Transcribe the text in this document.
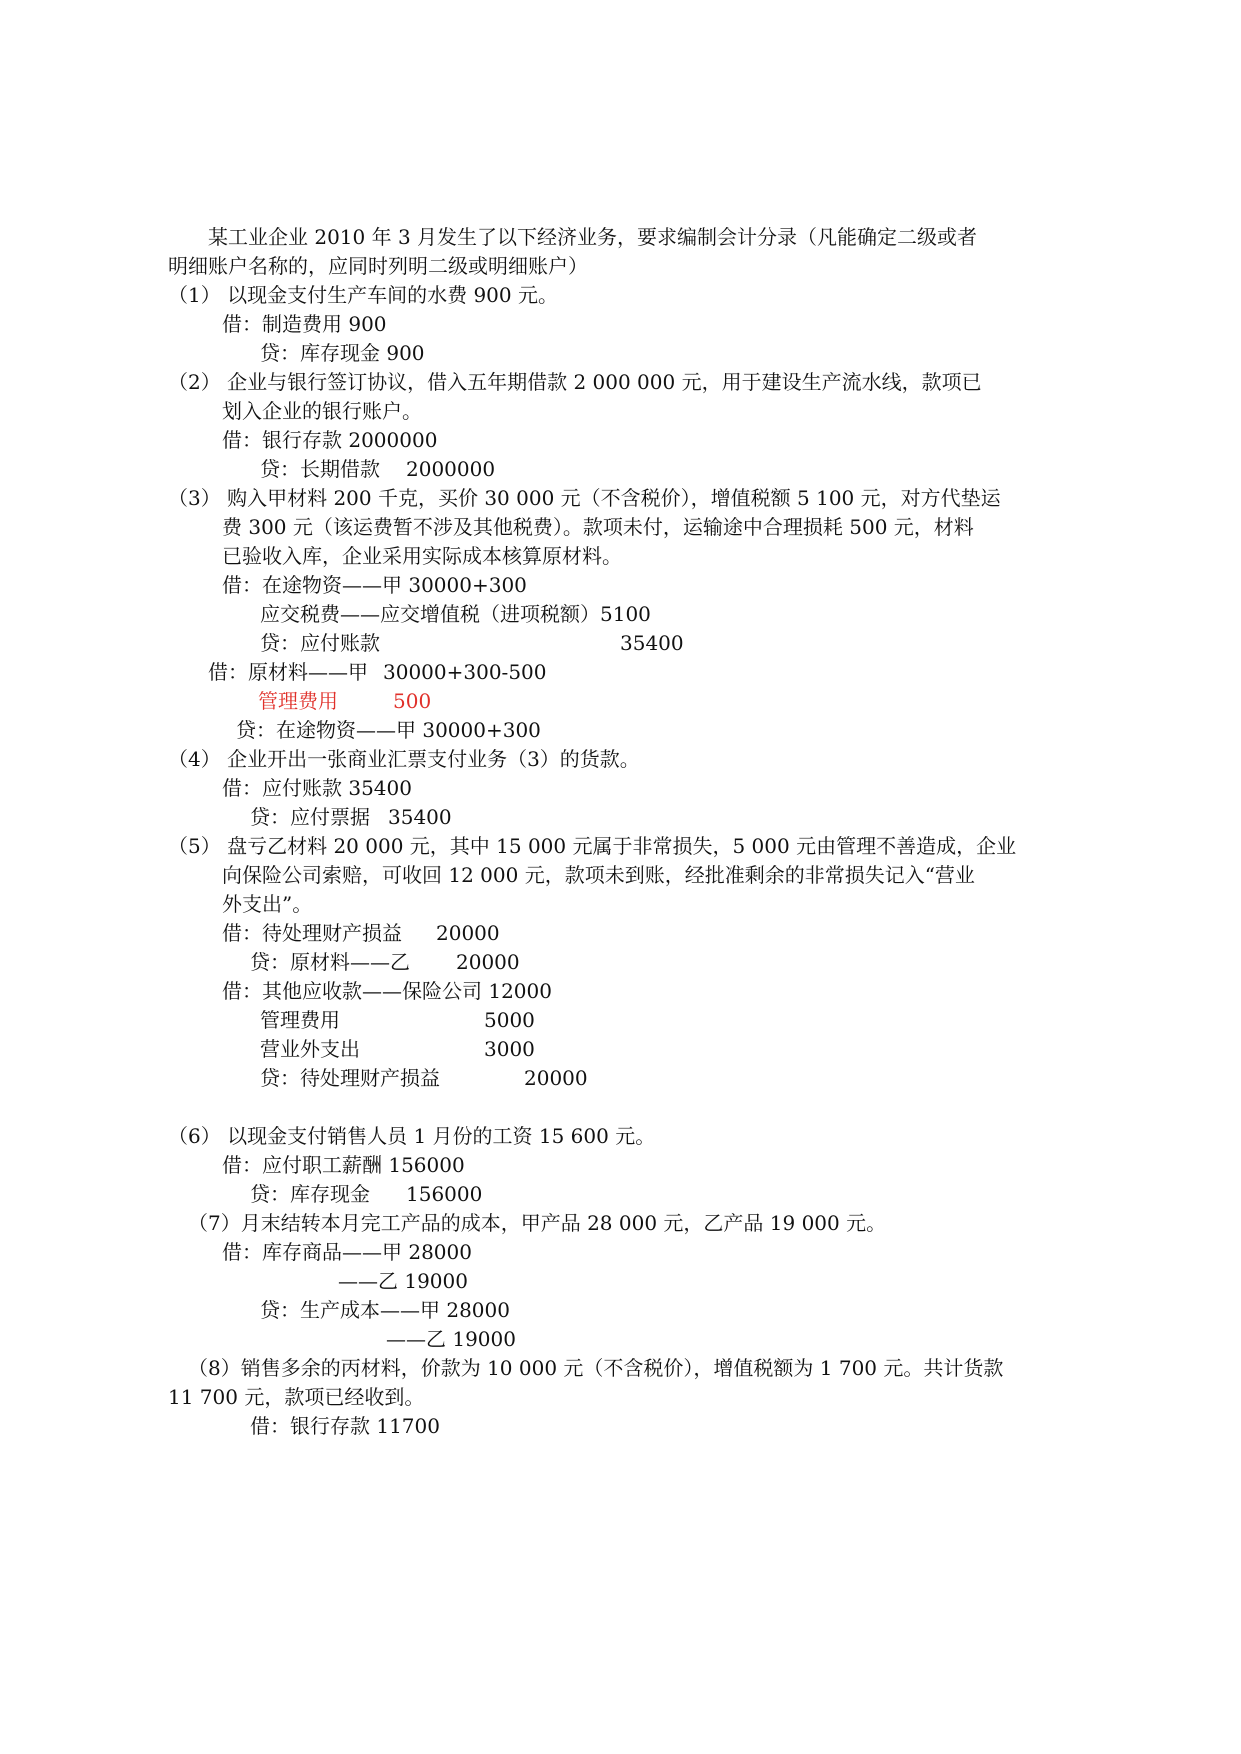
某工业企业 2010 年 3 月发生了以下经济业务，要求编制会计分录（凡能确定二级或者
明细账户名称的，应同时列明二级或明细账户）
（1） 以现金支付生产车间的水费 900 元。
借：制造费用 900
贷：库存现金 900
（2） 企业与银行签订协议，借入五年期借款 2 000 000 元，用于建设生产流水线，款项已
划入企业的银行账户。
借：银行存款 2000000
贷：长期借款 2000000
（3） 购入甲材料 200 千克，买价 30 000 元（不含税价），增值税额 5 100 元，对方代垫运
费 300 元（该运费暂不涉及其他税费）。款项未付，运输途中合理损耗 500 元，材料
已验收入库，企业采用实际成本核算原材料。
借：在途物资——甲 30000+300
应交税费——应交增值税（进项税额）5100
贷：应付账款	35400
借：原材料——甲 30000+300-500
管理费用	500
贷：在途物资——甲 30000+300
（4） 企业开出一张商业汇票支付业务（3）的货款。
借：应付账款 35400
贷：应付票据 35400
（5） 盘亏乙材料 20 000 元，其中 15 000 元属于非常损失，5 000 元由管理不善造成，企业
向保险公司索赔，可收回 12 000 元，款项未到账，经批准剩余的非常损失记入“营业
外支出”。
借：待处理财产损益 20000
贷：原材料——乙 20000
借：其他应收款——保险公司 12000
管理费用	5000
营业外支出	3000
贷：待处理财产损益	20000
（6） 以现金支付销售人员 1 月份的工资 15 600 元。
借：应付职工薪酬 156000
贷：库存现金 156000
（7）月末结转本月完工产品的成本，甲产品 28 000 元，乙产品 19 000 元。
借：库存商品——甲 28000
——乙 19000
贷：生产成本——甲 28000
——乙 19000
（8）销售多余的丙材料，价款为 10 000 元（不含税价），增值税额为 1 700 元。共计货款
11 700 元，款项已经收到。
借：银行存款 11700
